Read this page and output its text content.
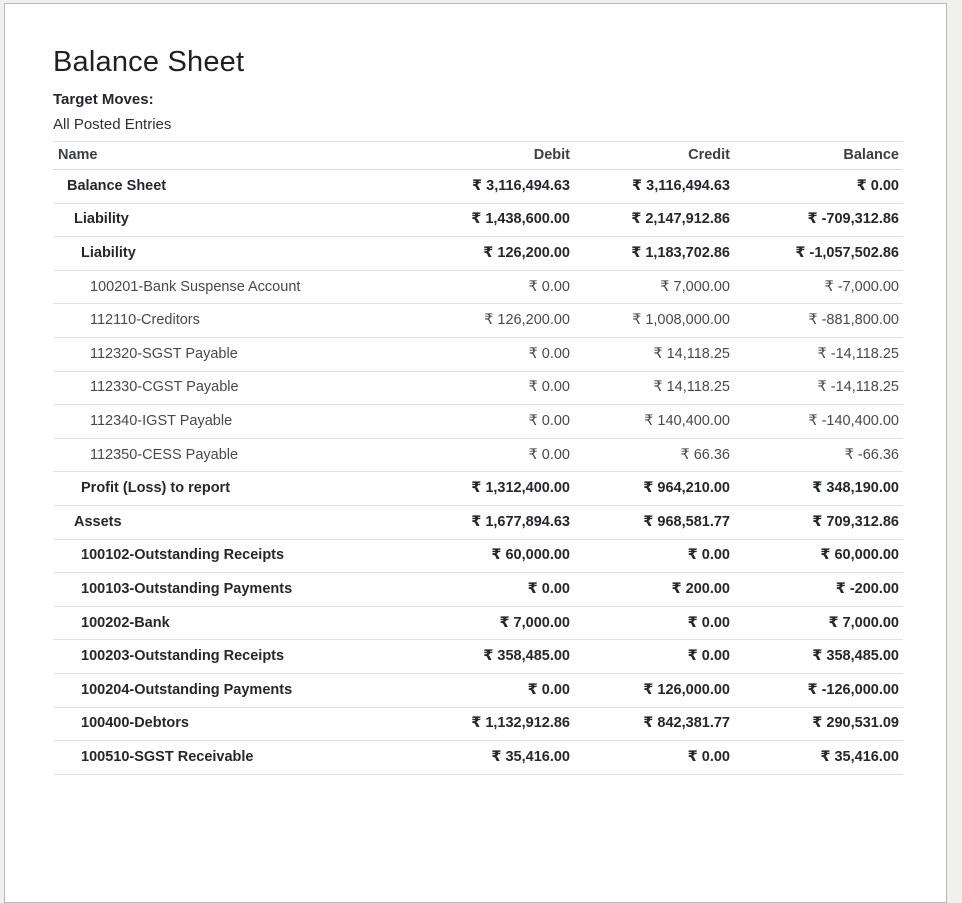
Balance Sheet
Target Moves:
All Posted Entries
Name	Debit	Credit	Balance
Balance Sheet	₹ 3,116,494.63	₹ 3,116,494.63	₹ 0.00
Liability	₹ 1,438,600.00	₹ 2,147,912.86	₹ -709,312.86
Liability	₹ 126,200.00	₹ 1,183,702.86	₹ -1,057,502.86
100201-Bank Suspense Account	₹ 0.00	₹ 7,000.00	₹ -7,000.00
112110-Creditors	₹ 126,200.00	₹ 1,008,000.00	₹ -881,800.00
112320-SGST Payable	₹ 0.00	₹ 14,118.25	₹ -14,118.25
112330-CGST Payable	₹ 0.00	₹ 14,118.25	₹ -14,118.25
112340-IGST Payable	₹ 0.00	₹ 140,400.00	₹ -140,400.00
112350-CESS Payable	₹ 0.00	₹ 66.36	₹ -66.36
Profit (Loss) to report	₹ 1,312,400.00	₹ 964,210.00	₹ 348,190.00
Assets	₹ 1,677,894.63	₹ 968,581.77	₹ 709,312.86
100102-Outstanding Receipts	₹ 60,000.00	₹ 0.00	₹ 60,000.00
100103-Outstanding Payments	₹ 0.00	₹ 200.00	₹ -200.00
100202-Bank	₹ 7,000.00	₹ 0.00	₹ 7,000.00
100203-Outstanding Receipts	₹ 358,485.00	₹ 0.00	₹ 358,485.00
100204-Outstanding Payments	₹ 0.00	₹ 126,000.00	₹ -126,000.00
100400-Debtors	₹ 1,132,912.86	₹ 842,381.77	₹ 290,531.09
100510-SGST Receivable	₹ 35,416.00	₹ 0.00	₹ 35,416.00
